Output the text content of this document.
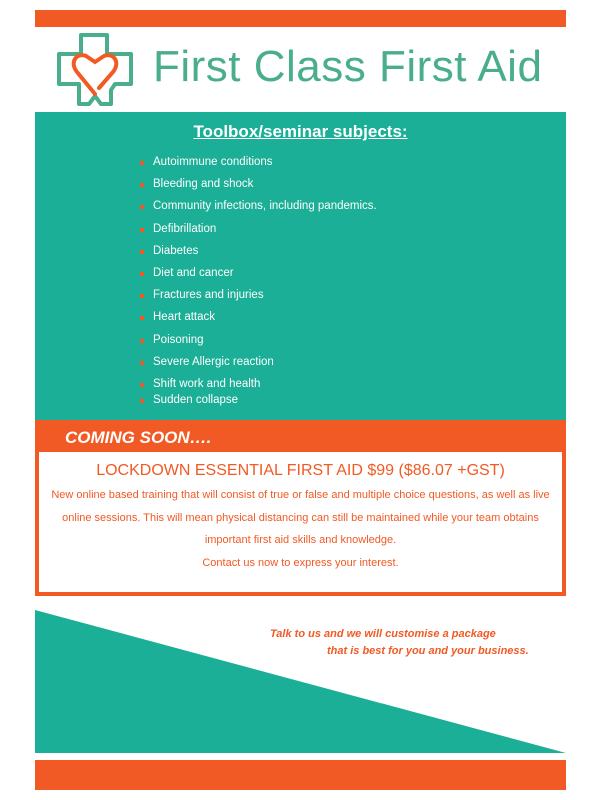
First Class First Aid
Toolbox/seminar subjects:
Autoimmune conditions
Bleeding and shock
Community infections, including pandemics.
Defibrillation
Diabetes
Diet and cancer
Fractures and injuries
Heart attack
Poisoning
Severe Allergic reaction
Shift work and health
Sudden collapse
COMING SOON….
LOCKDOWN ESSENTIAL FIRST AID $99 ($86.07 +GST)

New online based training that will consist of true or false and multiple choice questions, as well as live online sessions. This will mean physical distancing can still be maintained while your team obtains important first aid skills and knowledge.

Contact us now to express your interest.

Talk to us and we will customise a package
that is best for you and your business.
